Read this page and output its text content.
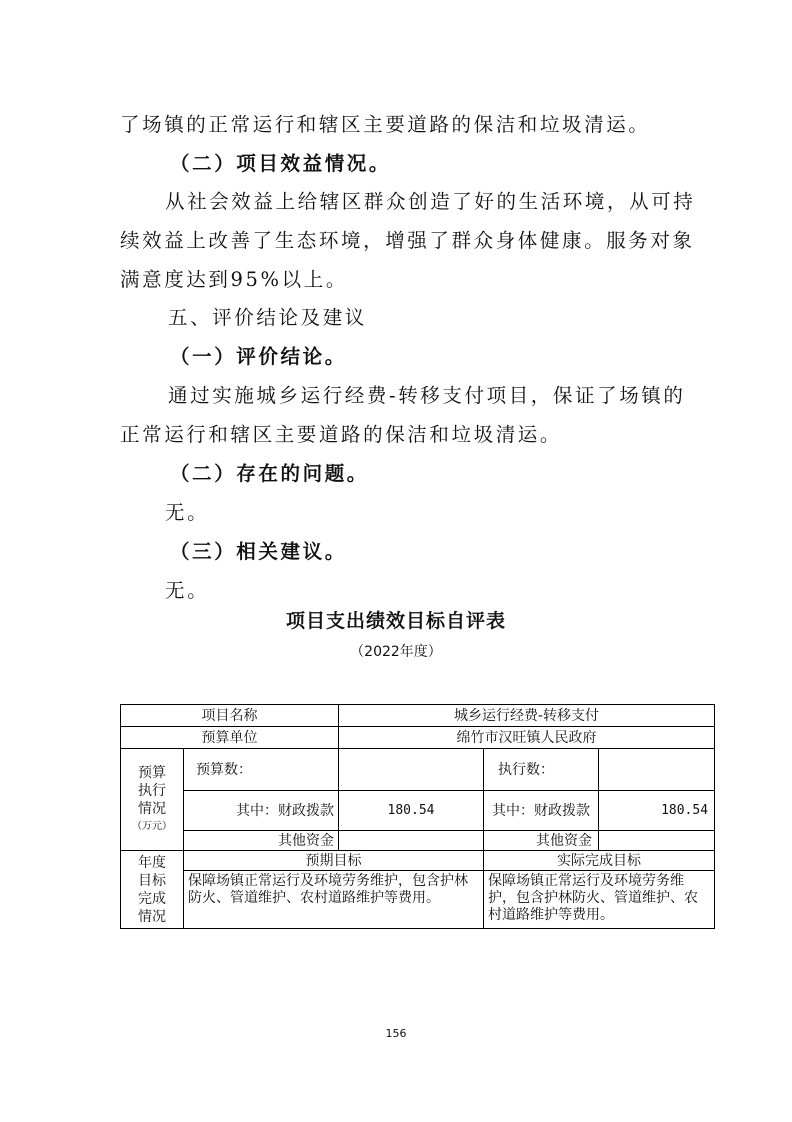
了场镇的正常运行和辖区主要道路的保洁和垃圾清运。
（二）项目效益情况。
从社会效益上给辖区群众创造了好的生活环境，从可持
续效益上改善了生态环境，增强了群众身体健康。服务对象
满意度达到95%以上。
五、评价结论及建议
（一）评价结论。
通过实施城乡运行经费-转移支付项目，保证了场镇的
正常运行和辖区主要道路的保洁和垃圾清运。
（二）存在的问题。
无。
（三）相关建议。
无。
项目支出绩效目标自评表
（2022年度）
项目名称		城乡运行经费-转移支付		
预算单位		绵竹市汉旺镇人民政府		

预算
执行
情况
（万元）	预算数：		执行数：	
	其中：财政拨款	180.54	其中：财政拨款	180.54
	其他资金		其他资金	

年度
目标
完成
情况	预期目标		实际完成目标	
	保障场镇正常运行及环境劳务维护，包含护林防火、管道维护、农村道路维护等费用。		保障场镇正常运行及环境劳务维护，包含护林防火、管道维护、农村道路维护等费用。	
156
